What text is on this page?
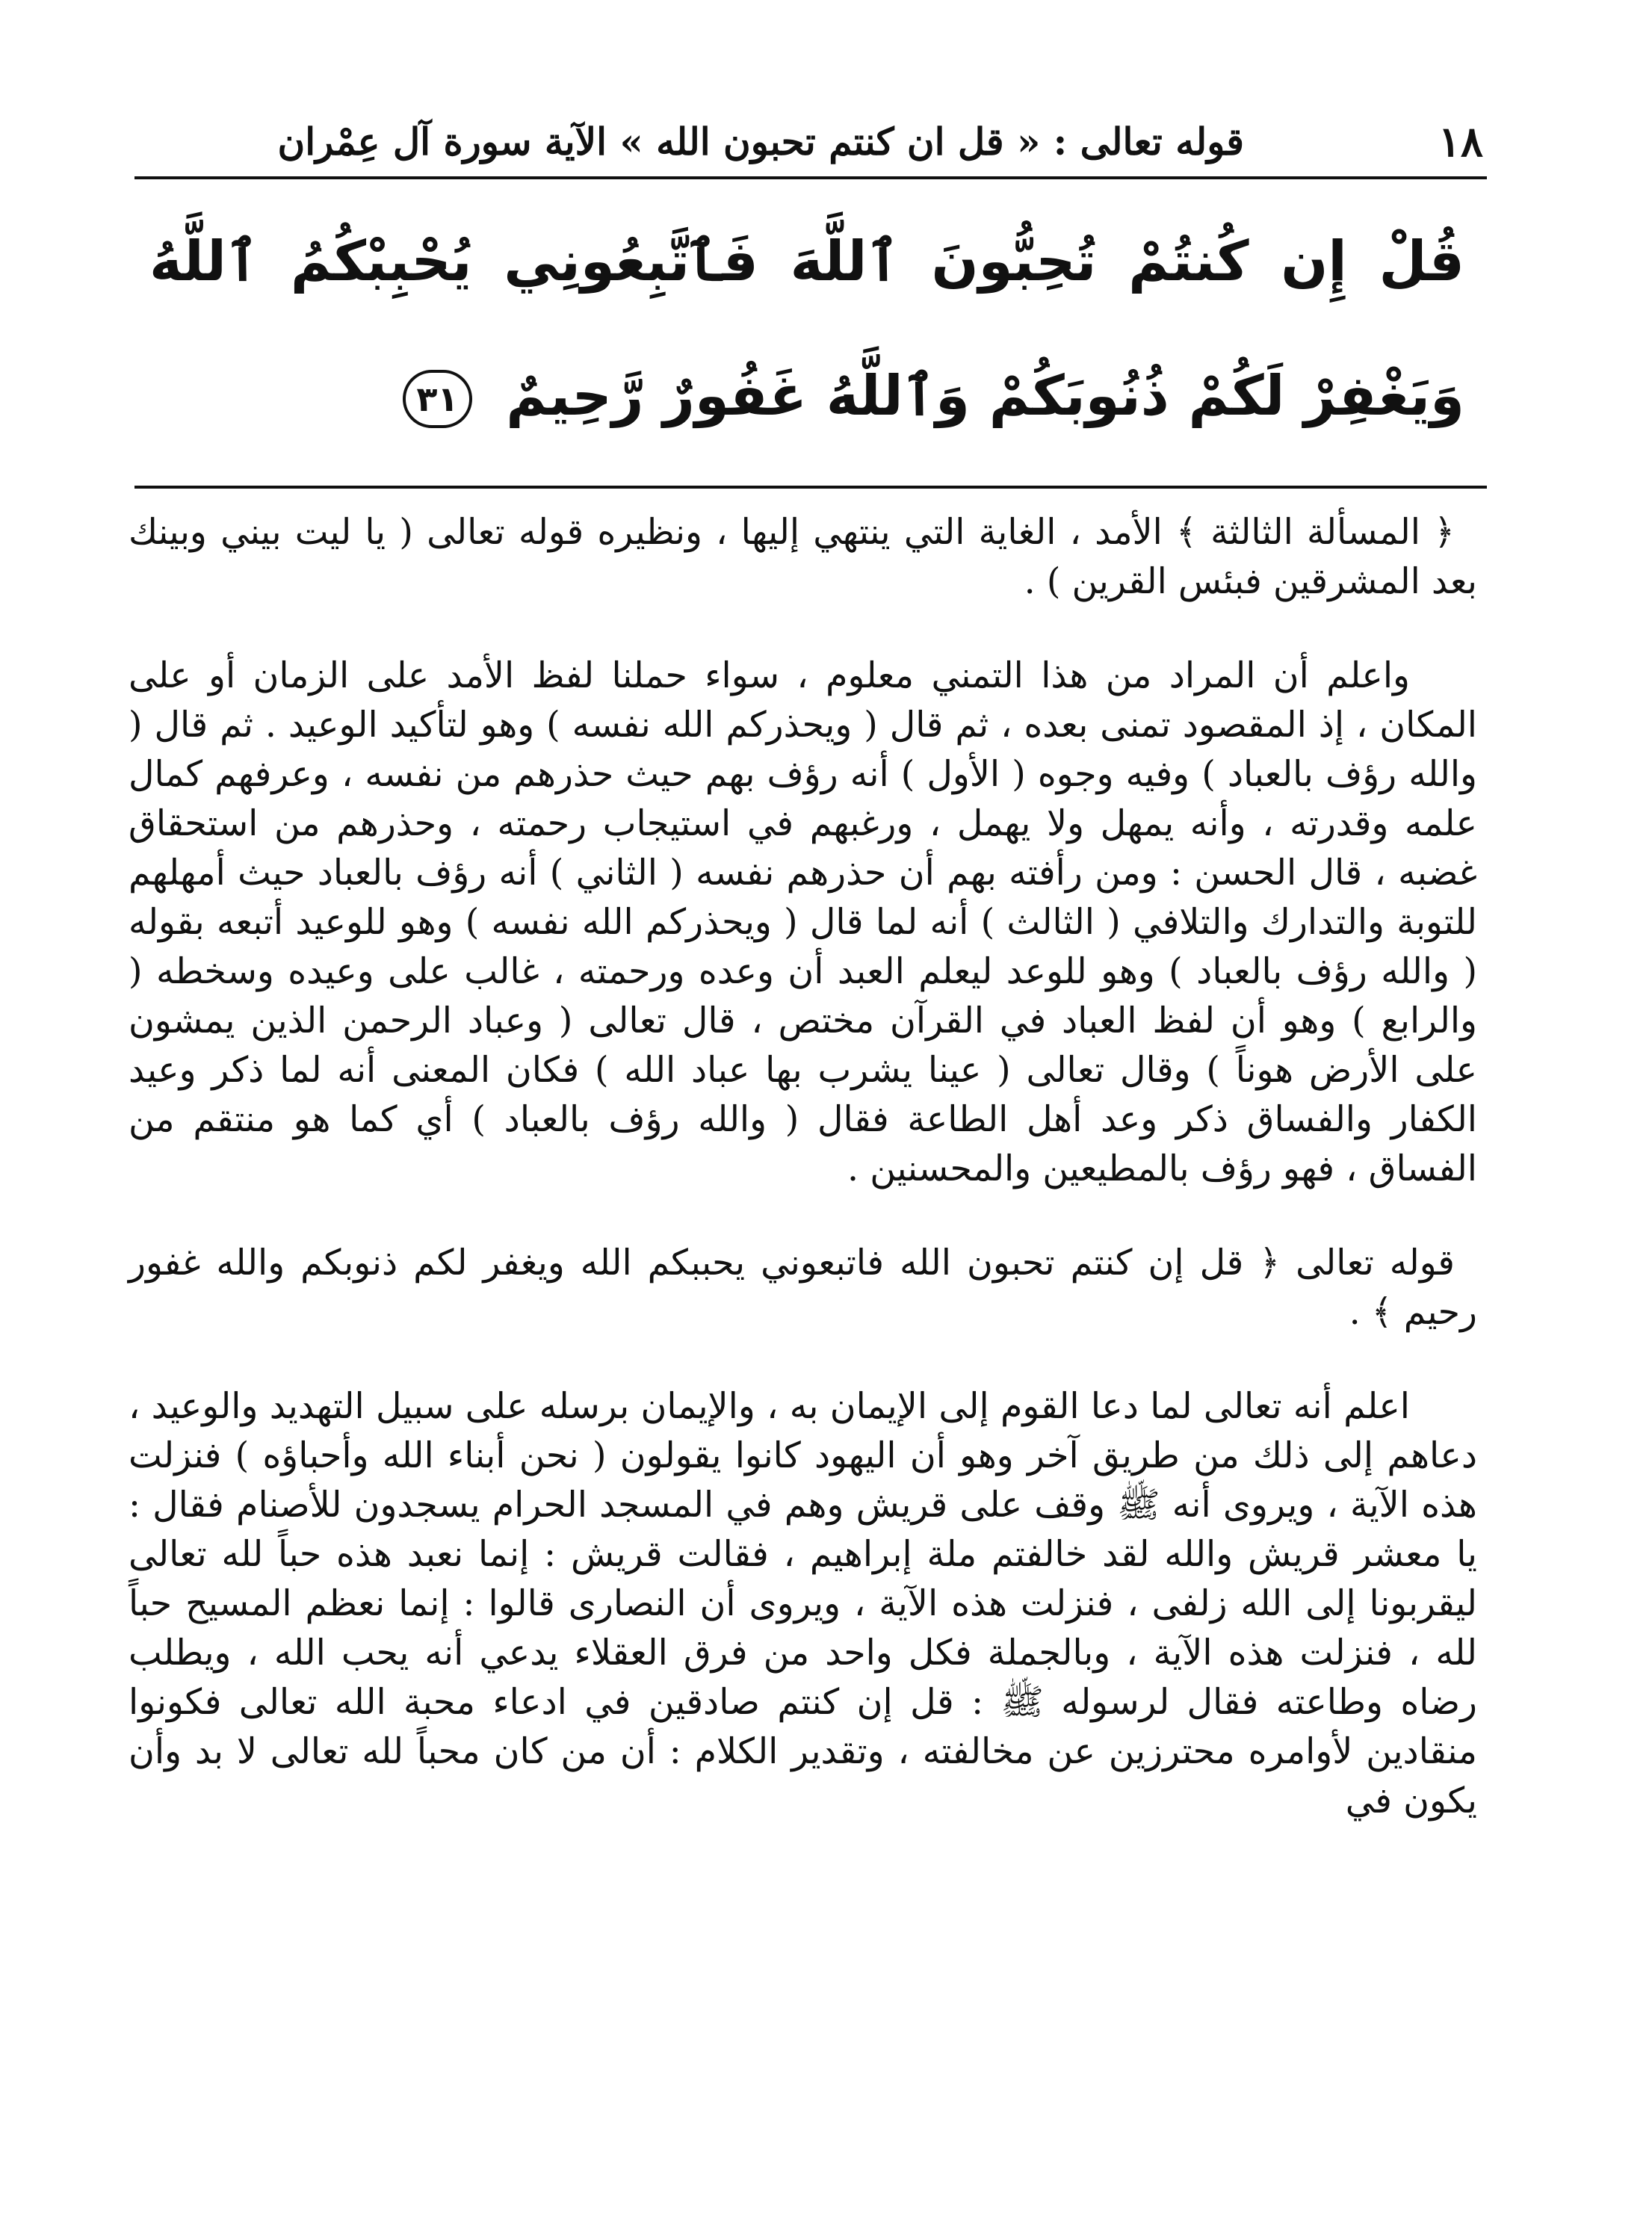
١٨
قوله تعالى : « قل ان كنتم تحبون الله » الآية سورة آل عِمْران
قُلْ إِن كُنتُمْ تُحِبُّونَ ٱللَّهَ فَٱتَّبِعُونِي يُحْبِبْكُمُ ٱللَّهُ وَيَغْفِرْ لَكُمْ ذُنُوبَكُمْ وَٱللَّهُ غَفُورٌ رَّحِيمٌ ٣١

﴿ المسألة الثالثة ﴾ الأمد ، الغاية التي ينتهي إليها ، ونظيره قوله تعالى ( يا ليت بيني وبينك بعد المشرقين فبئس القرين ) .

واعلم أن المراد من هذا التمني معلوم ، سواء حملنا لفظ الأمد على الزمان أو على المكان ، إذ المقصود تمنى بعده ، ثم قال ( ويحذركم الله نفسه ) وهو لتأكيد الوعيد . ثم قال ( والله رؤف بالعباد ) وفيه وجوه ( الأول ) أنه رؤف بهم حيث حذرهم من نفسه ، وعرفهم كمال علمه وقدرته ، وأنه يمهل ولا يهمل ، ورغبهم في استيجاب رحمته ، وحذرهم من استحقاق غضبه ، قال الحسن : ومن رأفته بهم أن حذرهم نفسه ( الثاني ) أنه رؤف بالعباد حيث أمهلهم للتوبة والتدارك والتلافي ( الثالث ) أنه لما قال ( ويحذركم الله نفسه ) وهو للوعيد أتبعه بقوله ( والله رؤف بالعباد ) وهو للوعد ليعلم العبد أن وعده ورحمته ، غالب على وعيده وسخطه ( والرابع ) وهو أن لفظ العباد في القرآن مختص ، قال تعالى ( وعباد الرحمن الذين يمشون على الأرض هوناً ) وقال تعالى ( عينا يشرب بها عباد الله ) فكان المعنى أنه لما ذكر وعيد الكفار والفساق ذكر وعد أهل الطاعة فقال ( والله رؤف بالعباد ) أي كما هو منتقم من الفساق ، فهو رؤف بالمطيعين والمحسنين .

قوله تعالى ﴿ قل إن كنتم تحبون الله فاتبعوني يحببكم الله ويغفر لكم ذنوبكم والله غفور رحيم ﴾ .

اعلم أنه تعالى لما دعا القوم إلى الإيمان به ، والإيمان برسله على سبيل التهديد والوعيد ، دعاهم إلى ذلك من طريق آخر وهو أن اليهود كانوا يقولون ( نحن أبناء الله وأحباؤه ) فنزلت هذه الآية ، ويروى أنه ﷺ وقف على قريش وهم في المسجد الحرام يسجدون للأصنام فقال : يا معشر قريش والله لقد خالفتم ملة إبراهيم ، فقالت قريش : إنما نعبد هذه حباً لله تعالى ليقربونا إلى الله زلفى ، فنزلت هذه الآية ، ويروى أن النصارى قالوا : إنما نعظم المسيح حباً لله ، فنزلت هذه الآية ، وبالجملة فكل واحد من فرق العقلاء يدعي أنه يحب الله ، ويطلب رضاه وطاعته فقال لرسوله ﷺ : قل إن كنتم صادقين في ادعاء محبة الله تعالى فكونوا منقادين لأوامره محترزين عن مخالفته ، وتقدير الكلام : أن من كان محباً لله تعالى لا بد وأن يكون في
